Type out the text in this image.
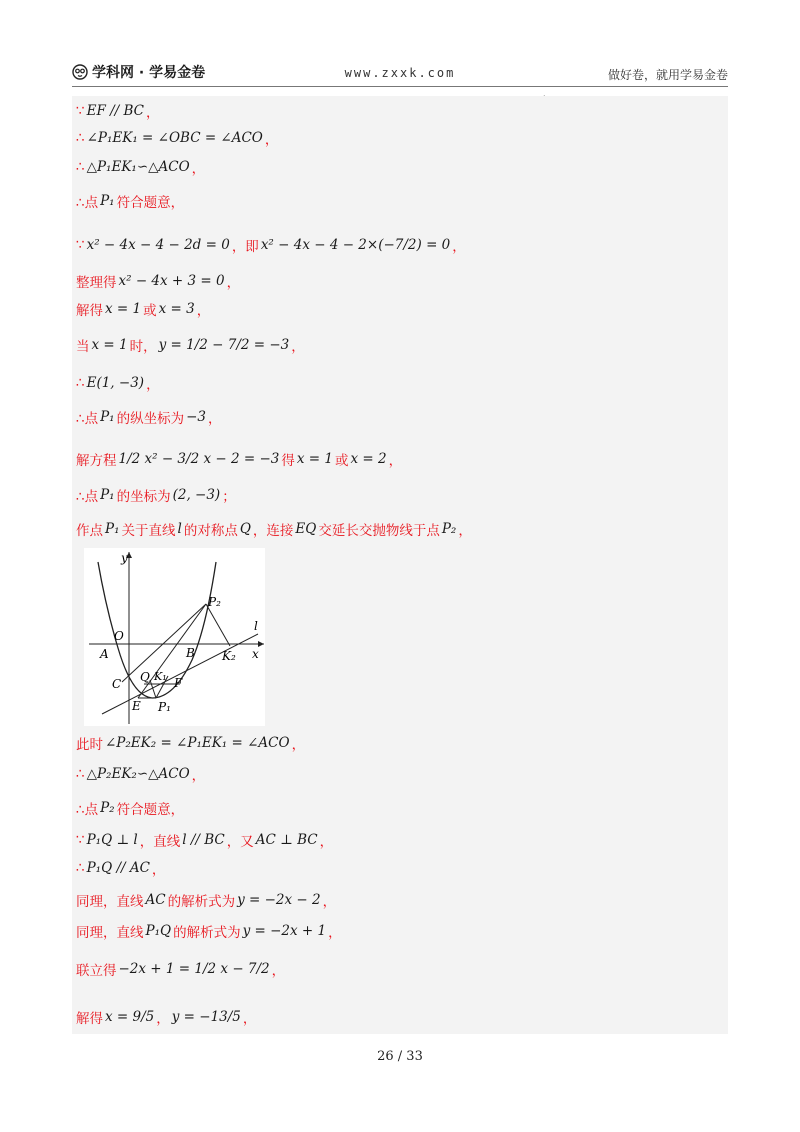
学科网 · 学易金卷	www.zxxk.com	做好卷，就用学易金卷
∵ EF // BC ，
∴ ∠P₁EK₁ = ∠OBC = ∠ACO ，
∴ △P₁EK₁∽△ACO ，
∴点 P₁ 符合题意，
∵ x² − 4x − 4 − 2d = 0 ，即 x² − 4x − 4 − 2×(−7/2) = 0 ，
整理得 x² − 4x + 3 = 0 ，
解得 x = 1 或 x = 3 ，
当 x = 1 时， y = 1/2 − 7/2 = −3 ，
∴ E(1, −3) ，
∴点 P₁ 的纵坐标为 −3 ，
解方程 1/2 x² − 3/2 x − 2 = −3 得 x = 1 或 x = 2 ，
∴点 P₁ 的坐标为 (2, −3) ；
作点 P₁ 关于直线 l 的对称点 Q ，连接 EQ 交延长交抛物线于点 P₂ ，
y
x
l
O
A	B
C Q K₁ F
E P₁
P₂
K₂
此时 ∠P₂EK₂ = ∠P₁EK₁ = ∠ACO ，
∴ △P₂EK₂∽△ACO ，
∴点 P₂ 符合题意，
∵ P₁Q ⊥ l ，直线 l // BC ，又 AC ⊥ BC ，
∴ P₁Q // AC ，
同理，直线 AC 的解析式为 y = −2x − 2 ，
同理，直线 P₁Q 的解析式为 y = −2x + 1 ，
联立得 −2x + 1 = 1/2 x − 7/2 ，
解得 x = 9/5 ， y = −13/5 ，
26 / 33
